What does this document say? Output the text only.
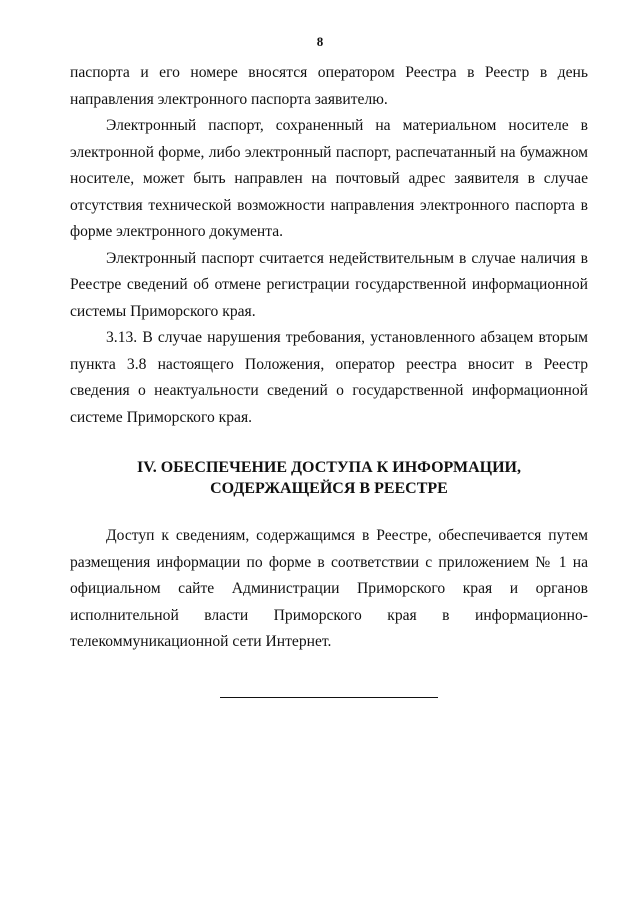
8

паспорта и его номере вносятся оператором Реестра в Реестр в день направления электронного паспорта заявителю.

Электронный паспорт, сохраненный на материальном носителе в электронной форме, либо электронный паспорт, распечатанный на бумажном носителе, может быть направлен на почтовый адрес заявителя в случае отсутствия технической возможности направления электронного паспорта в форме электронного документа.

Электронный паспорт считается недействительным в случае наличия в Реестре сведений об отмене регистрации государственной информационной системы Приморского края.

3.13. В случае нарушения требования, установленного абзацем вторым пункта 3.8 настоящего Положения, оператор реестра вносит в Реестр сведения о неактуальности сведений о государственной информационной системе Приморского края.

IV. ОБЕСПЕЧЕНИЕ ДОСТУПА К ИНФОРМАЦИИ,
СОДЕРЖАЩЕЙСЯ В РЕЕСТРЕ

Доступ к сведениям, содержащимся в Реестре, обеспечивается путем размещения информации по форме в соответствии с приложением № 1 на официальном сайте Администрации Приморского края и органов исполнительной власти Приморского края в информационно-телекоммуникационной сети Интернет.
